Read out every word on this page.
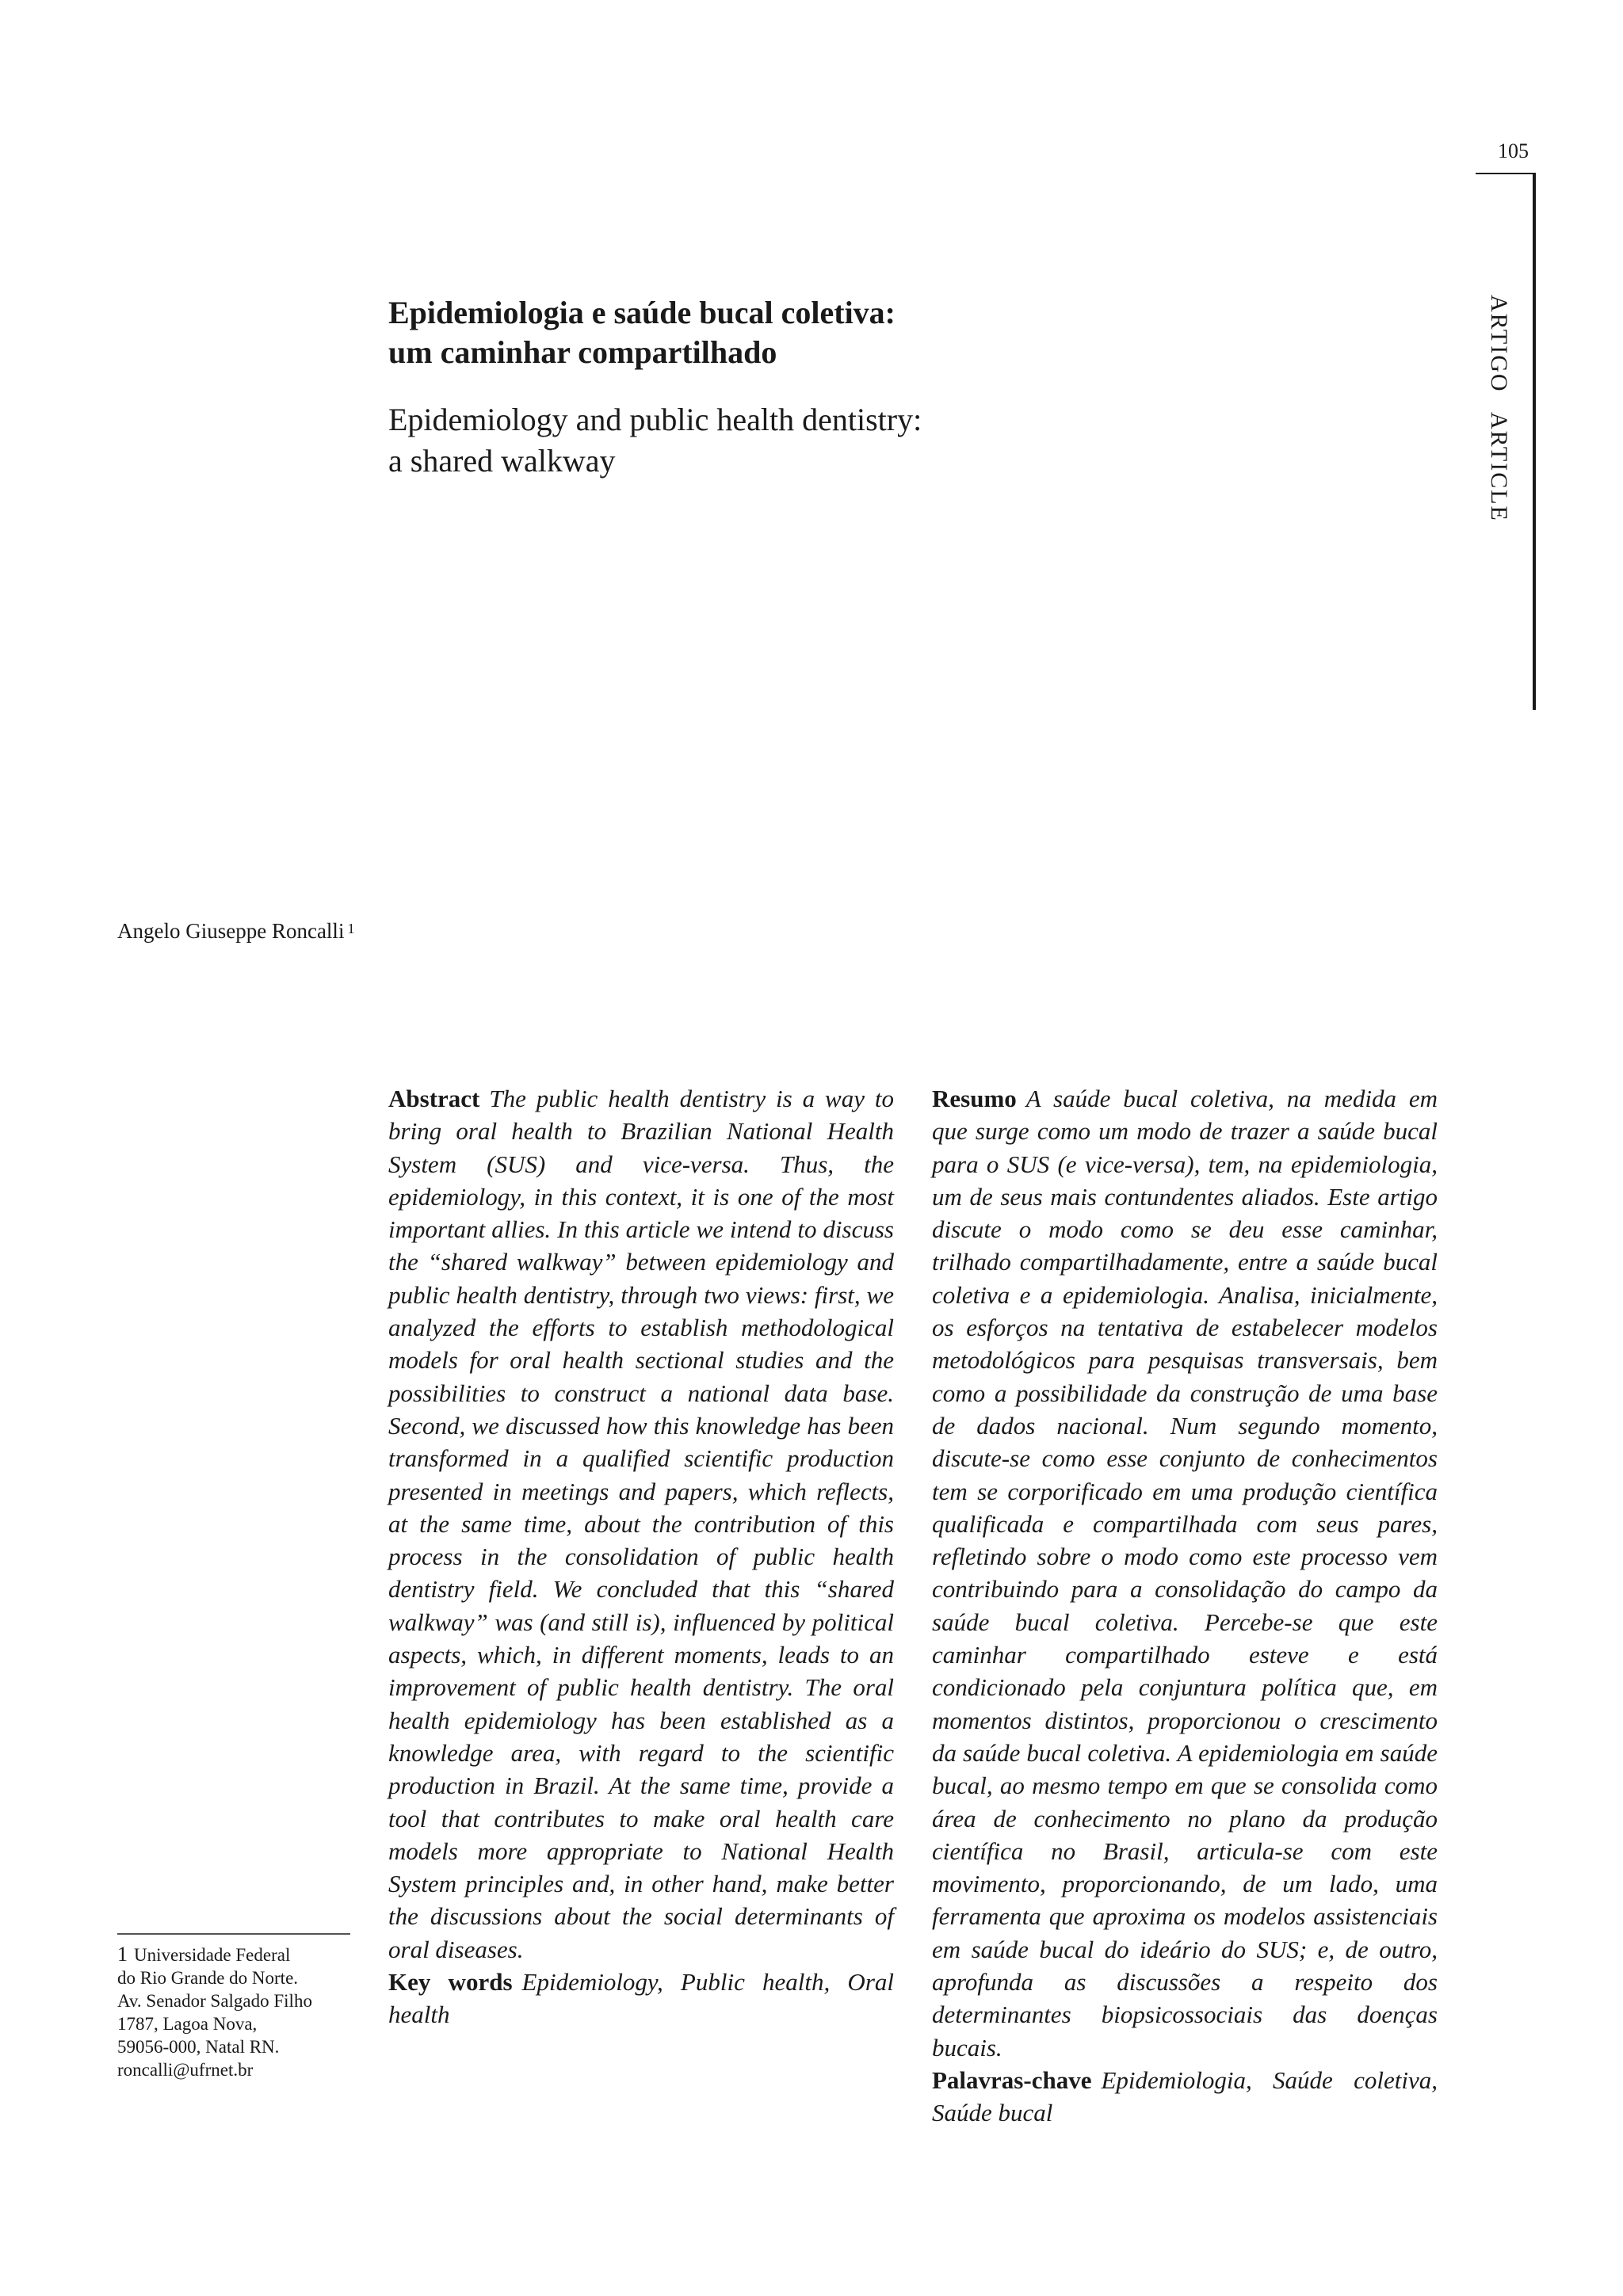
105
ARTIGOARTICLE
Epidemiologia e saúde bucal coletiva:
um caminhar compartilhado
Epidemiology and public health dentistry:
a shared walkway
Angelo Giuseppe Roncalli $^1$
1 Universidade Federal
do Rio Grande do Norte.
Av. Senador Salgado Filho
1787, Lagoa Nova,
59056-000, Natal RN.
roncalli@ufrnet.br

Abstract The public health dentistry is a way to bring oral health to Brazilian National Health System (SUS) and vice-versa. Thus, the epidemiology, in this context, it is one of the most important allies. In this article we intend to discuss the “shared walkway” between epidemiology and public health dentistry, through two views: first, we analyzed the efforts to establish methodological models for oral health sectional studies and the possibilities to construct a national data base. Second, we discussed how this knowledge has been transformed in a qualified scientific production presented in meetings and papers, which reflects, at the same time, about the contribution of this process in the consolidation of public health dentistry field. We concluded that this “shared walkway” was (and still is), influenced by political aspects, which, in different moments, leads to an improvement of public health dentistry. The oral health epidemiology has been established as a knowledge area, with regard to the scientific production in Brazil. At the same time, provide a tool that contributes to make oral health care models more appropriate to National Health System principles and, in other hand, make better the discussions about the social determinants of oral diseases.

Key words Epidemiology, Public health, Oral health

Resumo A saúde bucal coletiva, na medida em que surge como um modo de trazer a saúde bucal para o SUS (e vice-versa), tem, na epidemiologia, um de seus mais contundentes aliados. Este artigo discute o modo como se deu esse caminhar, trilhado compartilhadamente, entre a saúde bucal coletiva e a epidemiologia. Analisa, inicialmente, os esforços na tentativa de estabelecer modelos metodológicos para pesquisas transversais, bem como a possibilidade da construção de uma base de dados nacional. Num segundo momento, discute-se como esse conjunto de conhecimentos tem se corporificado em uma produção científica qualificada e compartilhada com seus pares, refletindo sobre o modo como este processo vem contribuindo para a consolidação do campo da saúde bucal coletiva. Percebe-se que este caminhar compartilhado esteve e está condicionado pela conjuntura política que, em momentos distintos, proporcionou o crescimento da saúde bucal coletiva. A epidemiologia em saúde bucal, ao mesmo tempo em que se consolida como área de conhecimento no plano da produção científica no Brasil, articula-se com este movimento, proporcionando, de um lado, uma ferramenta que aproxima os modelos assistenciais em saúde bucal do ideário do SUS; e, de outro, aprofunda as discussões a respeito dos determinantes biopsicossociais das doenças bucais.

Palavras-chave Epidemiologia, Saúde coletiva, Saúde bucal
